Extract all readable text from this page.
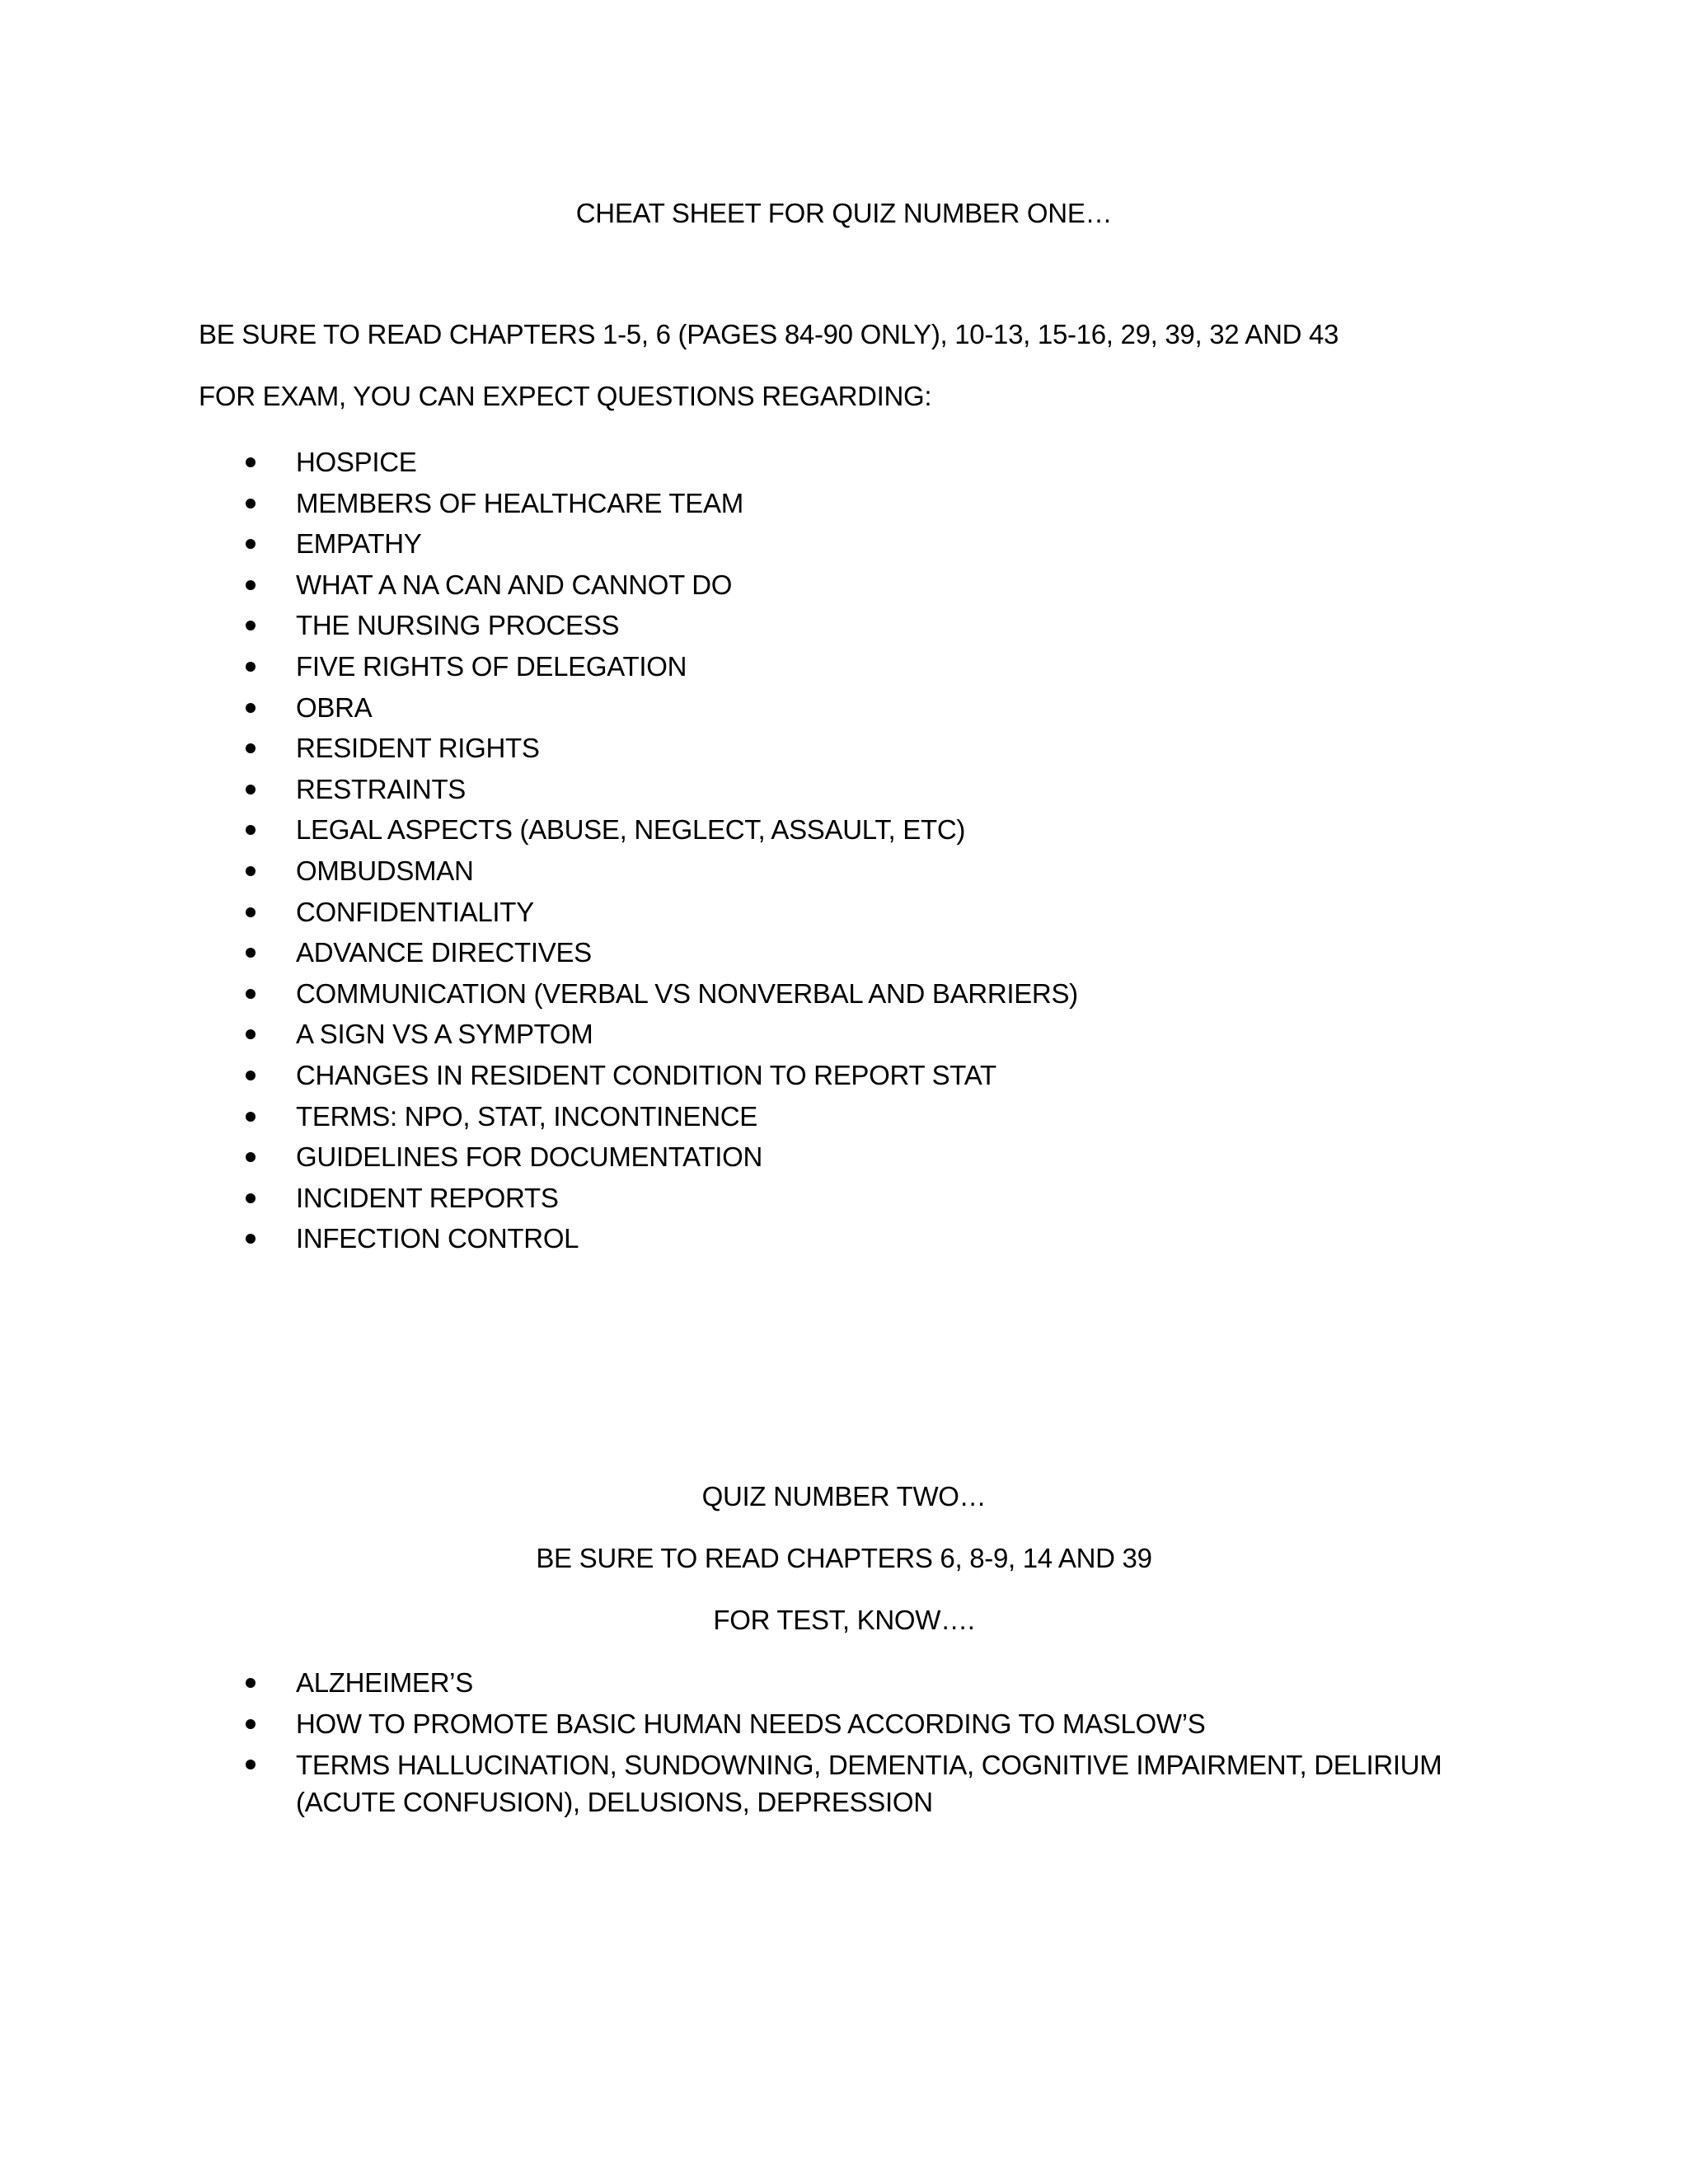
CHEAT SHEET FOR QUIZ NUMBER ONE…
BE SURE TO READ CHAPTERS 1-5, 6 (PAGES 84-90 ONLY), 10-13, 15-16, 29, 39, 32 AND 43
FOR EXAM, YOU CAN EXPECT QUESTIONS REGARDING:
HOSPICE
MEMBERS OF HEALTHCARE TEAM
EMPATHY
WHAT A NA CAN AND CANNOT DO
THE NURSING PROCESS
FIVE RIGHTS OF DELEGATION
OBRA
RESIDENT RIGHTS
RESTRAINTS
LEGAL ASPECTS (ABUSE, NEGLECT, ASSAULT, ETC)
OMBUDSMAN
CONFIDENTIALITY
ADVANCE DIRECTIVES
COMMUNICATION (VERBAL VS NONVERBAL AND BARRIERS)
A SIGN VS A SYMPTOM
CHANGES IN RESIDENT CONDITION TO REPORT STAT
TERMS: NPO, STAT, INCONTINENCE
GUIDELINES FOR DOCUMENTATION
INCIDENT REPORTS
INFECTION CONTROL
QUIZ NUMBER TWO…
BE SURE TO READ CHAPTERS 6, 8-9, 14 AND 39
FOR TEST, KNOW….
ALZHEIMER’S
HOW TO PROMOTE BASIC HUMAN NEEDS ACCORDING TO MASLOW’S
TERMS HALLUCINATION, SUNDOWNING, DEMENTIA, COGNITIVE IMPAIRMENT, DELIRIUM (ACUTE CONFUSION), DELUSIONS, DEPRESSION
